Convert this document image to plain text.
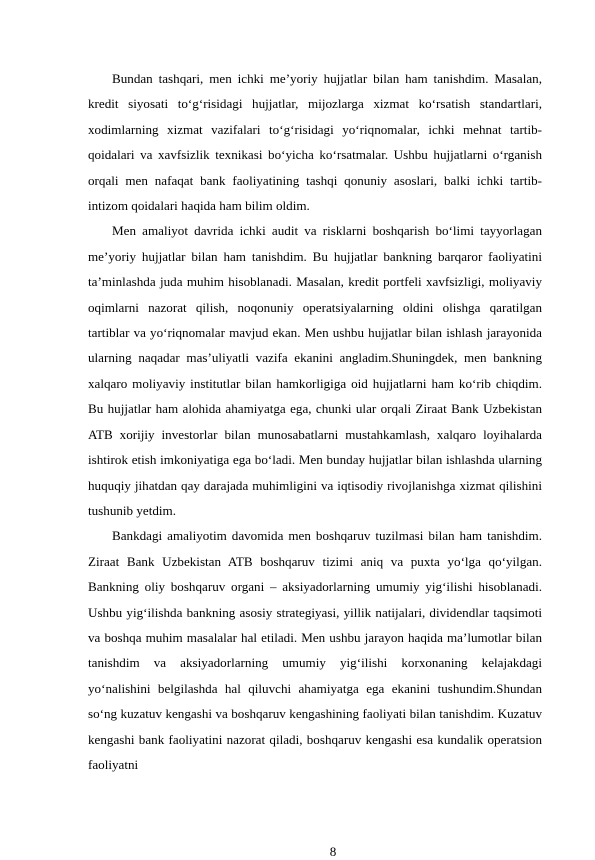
Bundan tashqari, men ichki me’yoriy hujjatlar bilan ham tanishdim. Masalan, kredit siyosati to‘g‘risidagi hujjatlar, mijozlarga xizmat ko‘rsatish standartlari, xodimlarning xizmat vazifalari to‘g‘risidagi yo‘riqnomalar, ichki mehnat tartib-qoidalari va xavfsizlik texnikasi bo‘yicha ko‘rsatmalar. Ushbu hujjatlarni o‘rganish orqali men nafaqat bank faoliyatining tashqi qonuniy asoslari, balki ichki tartib-intizom qoidalari haqida ham bilim oldim.

Men amaliyot davrida ichki audit va risklarni boshqarish bo‘limi tayyorlagan me’yoriy hujjatlar bilan ham tanishdim. Bu hujjatlar bankning barqaror faoliyatini ta’minlashda juda muhim hisoblanadi. Masalan, kredit portfeli xavfsizligi, moliyaviy oqimlarni nazorat qilish, noqonuniy operatsiyalarning oldini olishga qaratilgan tartiblar va yo‘riqnomalar mavjud ekan. Men ushbu hujjatlar bilan ishlash jarayonida ularning naqadar mas’uliyatli vazifa ekanini angladim.Shuningdek, men bankning xalqaro moliyaviy institutlar bilan hamkorligiga oid hujjatlarni ham ko‘rib chiqdim. Bu hujjatlar ham alohida ahamiyatga ega, chunki ular orqali Ziraat Bank Uzbekistan ATB xorijiy investorlar bilan munosabatlarni mustahkamlash, xalqaro loyihalarda ishtirok etish imkoniyatiga ega bo‘ladi. Men bunday hujjatlar bilan ishlashda ularning huquqiy jihatdan qay darajada muhimligini va iqtisodiy rivojlanishga xizmat qilishini tushunib yetdim.

Bankdagi amaliyotim davomida men boshqaruv tuzilmasi bilan ham tanishdim. Ziraat Bank Uzbekistan ATB boshqaruv tizimi aniq va puxta yo‘lga qo‘yilgan. Bankning oliy boshqaruv organi – aksiyadorlarning umumiy yig‘ilishi hisoblanadi. Ushbu yig‘ilishda bankning asosiy strategiyasi, yillik natijalari, dividendlar taqsimoti va boshqa muhim masalalar hal etiladi. Men ushbu jarayon haqida ma’lumotlar bilan tanishdim va aksiyadorlarning umumiy yig‘ilishi korxonaning kelajakdagi yo‘nalishini belgilashda hal qiluvchi ahamiyatga ega ekanini tushundim.Shundan so‘ng kuzatuv kengashi va boshqaruv kengashining faoliyati bilan tanishdim. Kuzatuv kengashi bank faoliyatini nazorat qiladi, boshqaruv kengashi esa kundalik operatsion faoliyatni

8
